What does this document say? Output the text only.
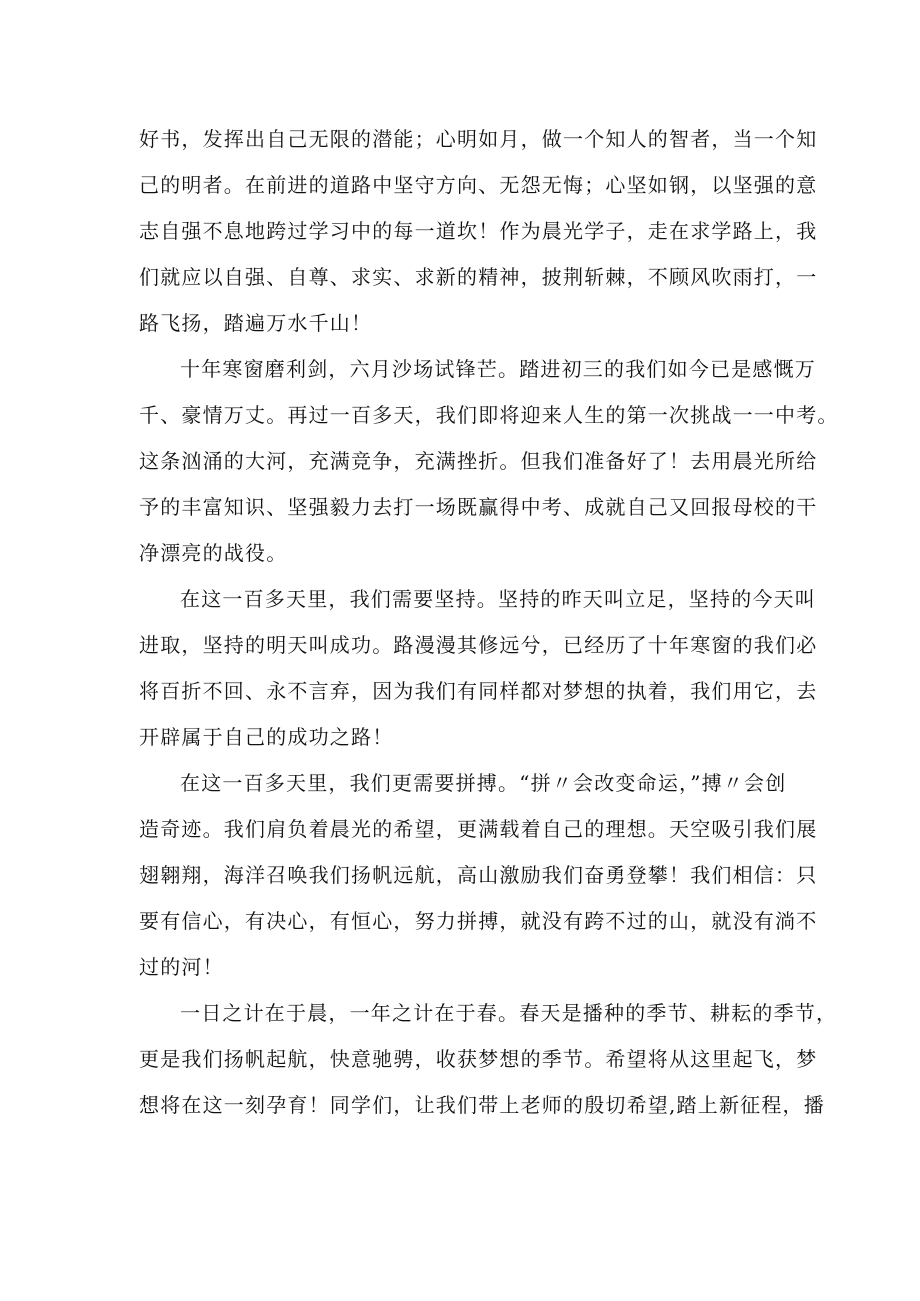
好书，发挥出自己无限的潜能；心明如月，做一个知人的智者，当一个知
己的明者。在前进的道路中坚守方向、无怨无悔；心坚如钢，以坚强的意
志自强不息地跨过学习中的每一道坎！作为晨光学子，走在求学路上，我
们就应以自强、自尊、求实、求新的精神，披荆斩棘，不顾风吹雨打，一
路飞扬，踏遍万水千山！
十年寒窗磨利剑，六月沙场试锋芒。踏进初三的我们如今已是感慨万
千、豪情万丈。再过一百多天，我们即将迎来人生的第一次挑战一一中考。
这条汹涌的大河，充满竞争，充满挫折。但我们准备好了！去用晨光所给
予的丰富知识、坚强毅力去打一场既赢得中考、成就自己又回报母校的干
净漂亮的战役。
在这一百多天里，我们需要坚持。坚持的昨天叫立足，坚持的今天叫
进取，坚持的明天叫成功。路漫漫其修远兮，已经历了十年寒窗的我们必
将百折不回、永不言弃，因为我们有同样都对梦想的执着，我们用它，去
开辟属于自己的成功之路！
在这一百多天里，我们更需要拼搏。“拼〃会改变命运，”搏〃会创
造奇迹。我们肩负着晨光的希望，更满载着自己的理想。天空吸引我们展
翅翱翔，海洋召唤我们扬帆远航，高山激励我们奋勇登攀！我们相信：只
要有信心，有决心，有恒心，努力拼搏，就没有跨不过的山，就没有淌不
过的河！
一日之计在于晨，一年之计在于春。春天是播种的季节、耕耘的季节，
更是我们扬帆起航，快意驰骋，收获梦想的季节。希望将从这里起飞，梦
想将在这一刻孕育！同学们，让我们带上老师的殷切希望,踏上新征程，播
